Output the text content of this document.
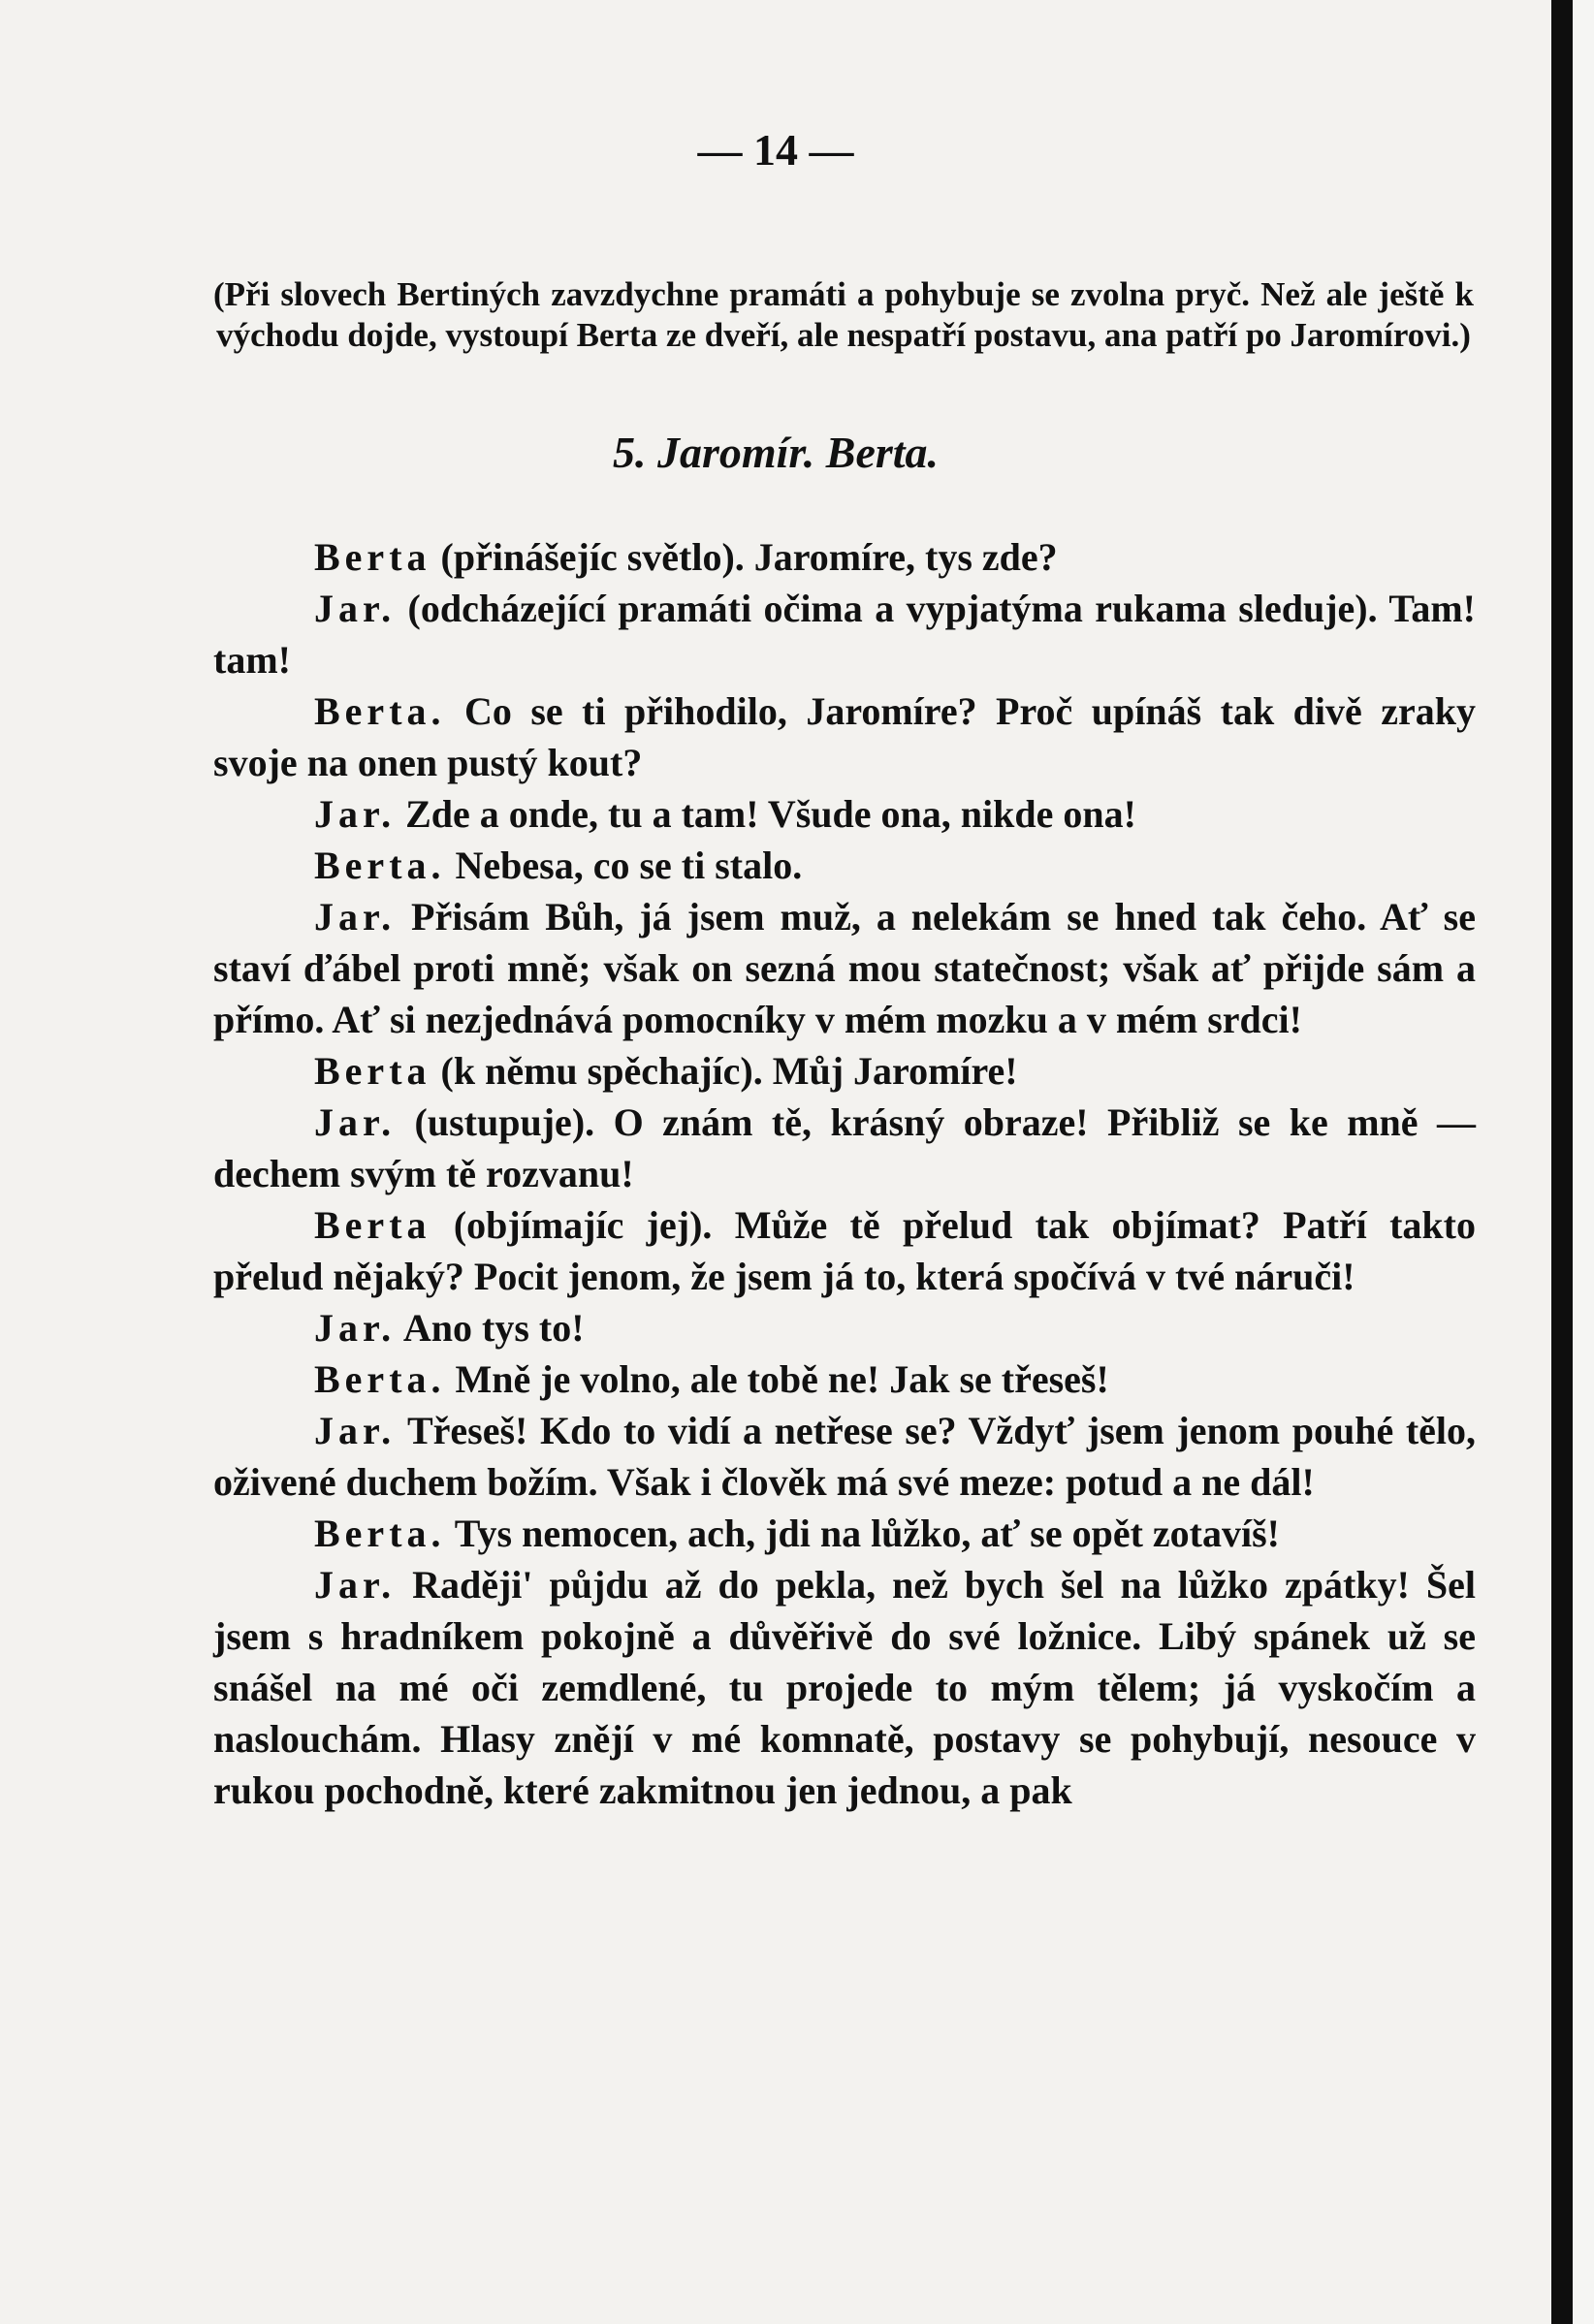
— 14 —

(Při slovech Bertiných zavzdychne pramáti a pohybuje se zvolna pryč. Než ale ještě k východu dojde, vystoupí Berta ze dveří, ale nespatří postavu, ana patří po Jaromírovi.)

5. Jaromír. Berta.

Berta (přinášejíc světlo). Jaromíre, tys zde?

Jar. (odcházející pramáti očima a vypjatýma rukama sleduje). Tam! tam!

Berta. Co se ti přihodilo, Jaromíre? Proč upínáš tak divě zraky svoje na onen pustý kout?

Jar. Zde a onde, tu a tam! Všude ona, nikde ona!

Berta. Nebesa, co se ti stalo.

Jar. Přisám Bůh, já jsem muž, a nelekám se hned tak čeho. Ať se staví ďábel proti mně; však on sezná mou statečnost; však ať přijde sám a přímo. Ať si nezjednává pomocníky v mém mozku a v mém srdci!

Berta (k němu spěchajíc). Můj Jaromíre!

Jar. (ustupuje). O znám tě, krásný obraze! Přibliž se ke mně — dechem svým tě rozvanu!

Berta (objímajíc jej). Může tě přelud tak objímat? Patří takto přelud nějaký? Pocit jenom, že jsem já to, která spočívá v tvé náruči!

Jar. Ano tys to!

Berta. Mně je volno, ale tobě ne! Jak se třeseš!

Jar. Třeseš! Kdo to vidí a netřese se? Vždyť jsem jenom pouhé tělo, oživené duchem božím. Však i člověk má své meze: potud a ne dál!

Berta. Tys nemocen, ach, jdi na lůžko, ať se opět zotavíš!

Jar. Raději' půjdu až do pekla, než bych šel na lůžko zpátky! Šel jsem s hradníkem pokojně a důvěřivě do své ložnice. Libý spánek už se snášel na mé oči zemdlené, tu projede to mým tělem; já vyskočím a naslouchám. Hlasy znějí v mé komnatě, postavy se pohybují, nesouce v rukou pochodně, které zakmitnou jen jednou, a pak
